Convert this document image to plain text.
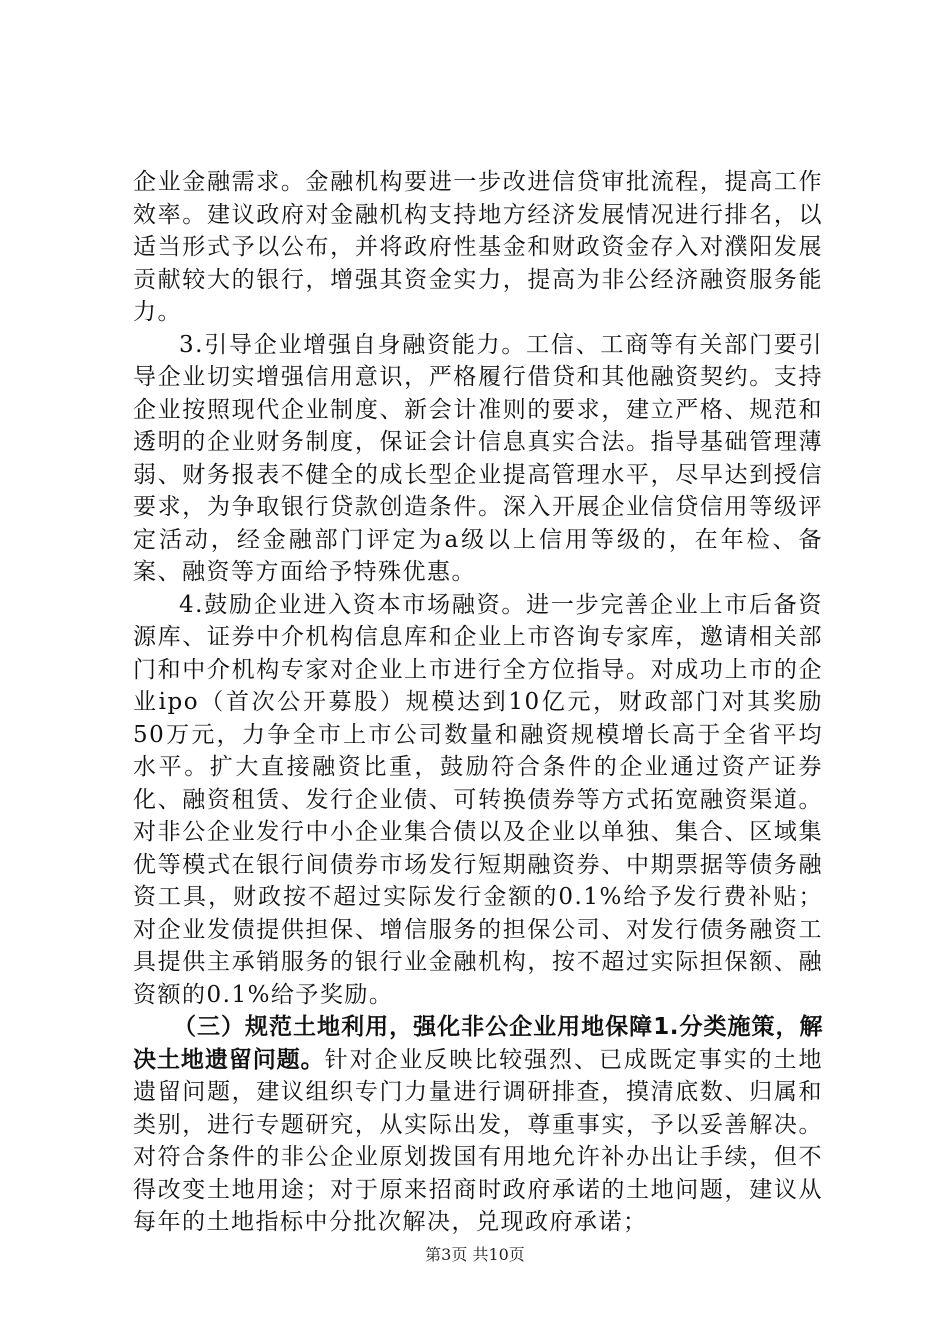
企业金融需求。金融机构要进一步改进信贷审批流程，提高工作效率。建议政府对金融机构支持地方经济发展情况进行排名，以适当形式予以公布，并将政府性基金和财政资金存入对濮阳发展贡献较大的银行，增强其资金实力，提高为非公经济融资服务能力。

3.引导企业增强自身融资能力。工信、工商等有关部门要引导企业切实增强信用意识，严格履行借贷和其他融资契约。支持企业按照现代企业制度、新会计准则的要求，建立严格、规范和透明的企业财务制度，保证会计信息真实合法。指导基础管理薄弱、财务报表不健全的成长型企业提高管理水平，尽早达到授信要求，为争取银行贷款创造条件。深入开展企业信贷信用等级评定活动，经金融部门评定为a级以上信用等级的，在年检、备案、融资等方面给予特殊优惠。

4.鼓励企业进入资本市场融资。进一步完善企业上市后备资源库、证券中介机构信息库和企业上市咨询专家库，邀请相关部门和中介机构专家对企业上市进行全方位指导。对成功上市的企业ipo（首次公开募股）规模达到10亿元，财政部门对其奖励50万元，力争全市上市公司数量和融资规模增长高于全省平均水平。扩大直接融资比重，鼓励符合条件的企业通过资产证券化、融资租赁、发行企业债、可转换债券等方式拓宽融资渠道。对非公企业发行中小企业集合债以及企业以单独、集合、区域集优等模式在银行间债券市场发行短期融资券、中期票据等债务融资工具，财政按不超过实际发行金额的0.1%给予发行费补贴；对企业发债提供担保、增信服务的担保公司、对发行债务融资工具提供主承销服务的银行业金融机构，按不超过实际担保额、融资额的0.1%给予奖励。

（三）规范土地利用，强化非公企业用地保障1.分类施策，解决土地遗留问题。针对企业反映比较强烈、已成既定事实的土地遗留问题，建议组织专门力量进行调研排查，摸清底数、归属和类别，进行专题研究，从实际出发，尊重事实，予以妥善解决。对符合条件的非公企业原划拨国有用地允许补办出让手续，但不得改变土地用途；对于原来招商时政府承诺的土地问题，建议从每年的土地指标中分批次解决，兑现政府承诺；

第3页 共10页
